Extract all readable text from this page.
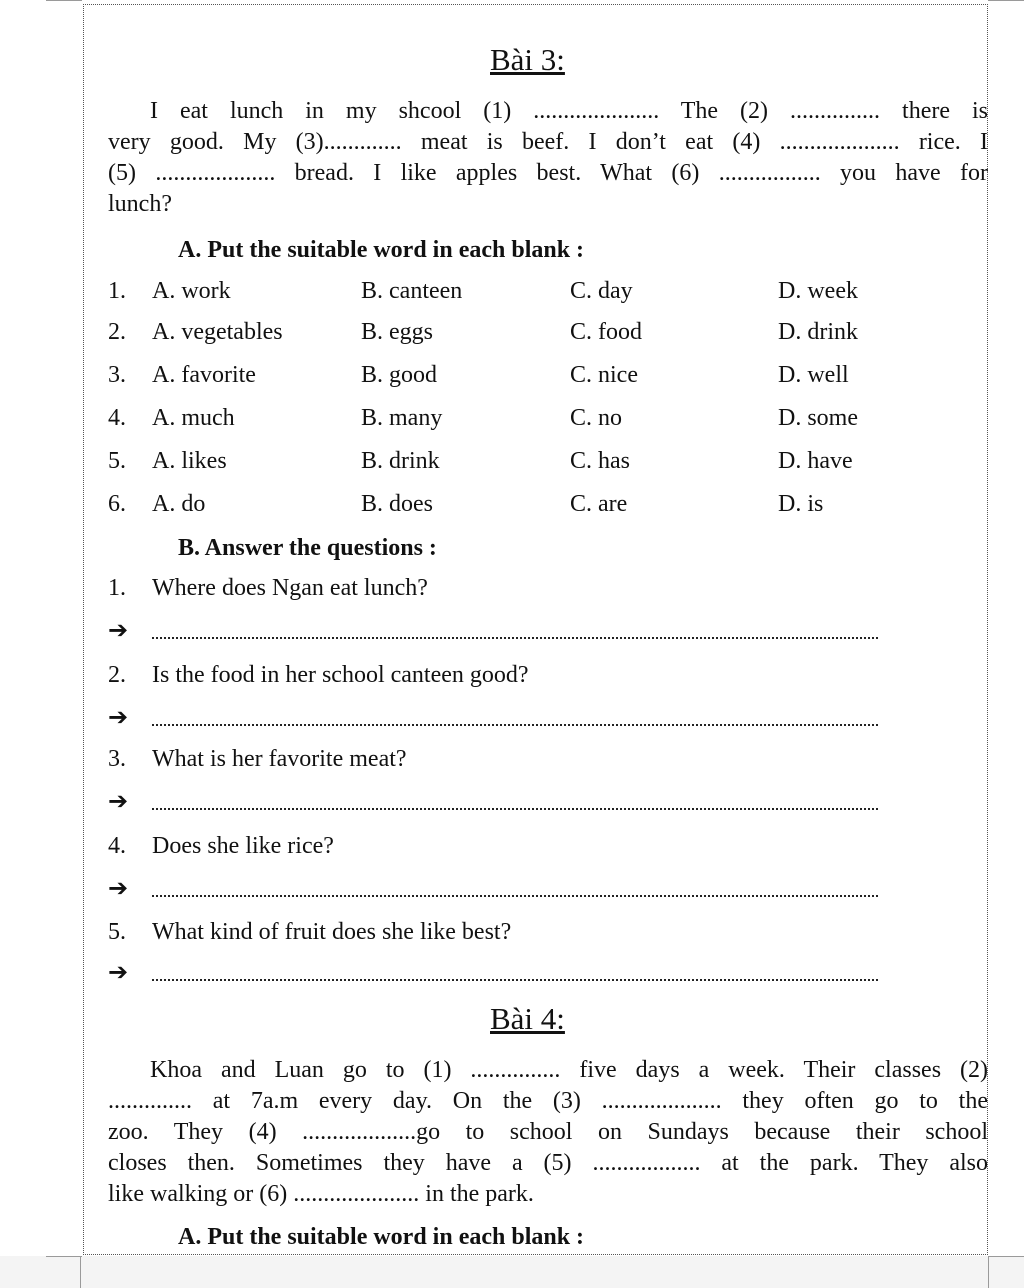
Bài 3:
I eat lunch in my shcool (1) ..................... The (2) ............... there is
very good. My (3)............. meat is beef. I don’t eat (4) .................... rice. I
(5) .................... bread. I like apples best. What (6) ................. you have for
lunch?
A. Put the suitable word in each blank :
1. A. work	B. canteen	C. day	D. week
2. A. vegetables	B. eggs	C. food	D. drink
3. A. favorite	B. good	C. nice	D. well
4. A. much	B. many	C. no	D. some
5. A. likes	B. drink	C. has	D. have
6. A. do	B. does	C. are	D. is
B. Answer the questions :
1. Where does Ngan eat lunch?
➔
2. Is the food in her school canteen good?
➔
3. What is her favorite meat?
➔
4. Does she like rice?
➔
5. What kind of fruit does she like best?
➔
Bài 4:
Khoa and Luan go to (1) ............... five days a week. Their classes (2)
.............. at 7a.m every day. On the (3) .................... they often go to the
zoo. They (4) ...................go to school on Sundays because their school
closes then. Sometimes they have a (5) .................. at the park. They also
like walking or (6) ..................... in the park.
A. Put the suitable word in each blank :
